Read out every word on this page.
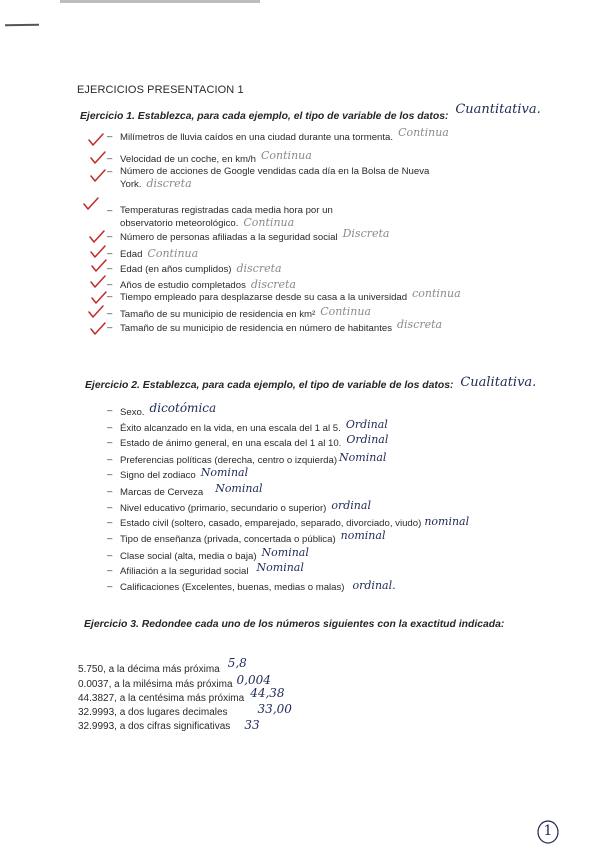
EJERCICIOS PRESENTACION 1
Ejercicio 1. Establezca, para cada ejemplo, el tipo de variable de los datos: Cuantitativa.
– Milímetros de lluvia caídos en una ciudad durante una tormenta. Continua
– Velocidad de un coche, en km/h Continua
– Número de acciones de Google vendidas cada día en la Bolsa de Nueva York. discreta
– Temperaturas registradas cada media hora por un observatorio meteorológico. Continua
– Número de personas afiliadas a la seguridad social Discreta
– Edad Continua
– Edad (en años cumplidos) discreta
– Años de estudio completados discreta
– Tiempo empleado para desplazarse desde su casa a la universidad continua
– Tamaño de su municipio de residencia en km² Continua
– Tamaño de su municipio de residencia en número de habitantes discreta
Ejercicio 2. Establezca, para cada ejemplo, el tipo de variable de los datos: Cualitativa.
– Sexo. dicotómica
– Éxito alcanzado en la vida, en una escala del 1 al 5. Ordinal
– Estado de ánimo general, en una escala del 1 al 10. Ordinal
– Preferencias políticas (derecha, centro o izquierda) Nominal
– Signo del zodiaco Nominal
– Marcas de Cerveza Nominal
– Nivel educativo (primario, secundario o superior) ordinal
– Estado civil (soltero, casado, emparejado, separado, divorciado, viudo) nominal
– Tipo de enseñanza (privada, concertada o pública) nominal
– Clase social (alta, media o baja) Nominal
– Afiliación a la seguridad social Nominal
– Calificaciones (Excelentes, buenas, medias o malas) ordinal.
Ejercicio 3. Redondee cada uno de los números siguientes con la exactitud indicada:
5.750, a la décima más próxima 5,8
0.0037, a la milésima más próxima 0,004
44.3827, a la centésima más próxima 44,38
32.9993, a dos lugares decimales	33,00
32.9993, a dos cifras significativas 33
1
